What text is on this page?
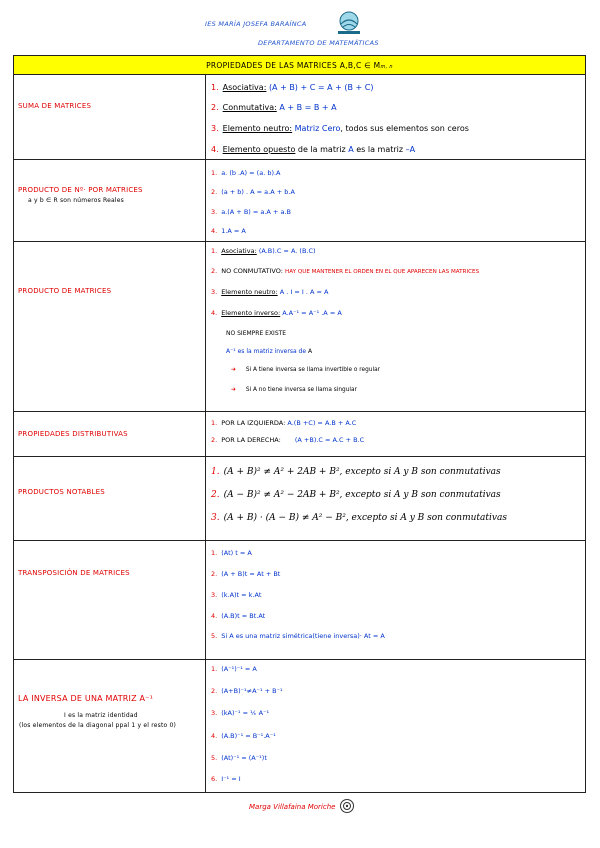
IES MARÍA JOSEFA BARAÍNCA
DEPARTAMENTO DE MATEMÁTICAS
PROPIEDADES DE LAS MATRICES A,B,C ∈ Mm, n
SUMA DE MATRICES
1. Asociativa: (A + B) + C = A + (B + C)
2. Conmutativa: A + B = B + A
3. Elemento neutro: Matriz Cero, todos sus elementos son ceros
4. Elemento opuesto de la matriz A es la matriz –A
PRODUCTO DE Nº· POR MATRICES
a y b ∈ R son números Reales
1. a. (b .A) = (a. b).A
2. (a + b) . A = a.A + b.A
3. a.(A + B) = a.A + a.B
4. 1.A = A
PRODUCTO DE MATRICES
1. Asociativa: (A.B).C = A. (B.C)
2. NO CONMUTATIVO: HAY QUE MANTENER EL ORDEN EN EL QUE APARECEN LAS MATRICES
3. Elemento neutro: A . I = I . A = A
4. Elemento inverso: A.A⁻¹ = A⁻¹ .A = A
NO SIEMPRE EXISTE
A⁻¹ es la matriz inversa de A
➔ Si A tiene inversa se llama invertible o regular
➔ Si A no tiene inversa se llama singular
PROPIEDADES DISTRIBUTIVAS
1. POR LA IZQUIERDA: A.(B +C) = A.B + A.C
2. POR LA DERECHA: (A +B).C = A.C + B.C
PRODUCTOS NOTABLES
1. (A + B)² ≠ A² + 2AB + B², excepto si A y B son conmutativas
2. (A − B)² ≠ A² − 2AB + B², excepto si A y B son conmutativas
3. (A + B) · (A − B) ≠ A² − B², excepto si A y B son conmutativas
TRANSPOSICIÓN DE MATRICES
1. (At) t = A
2. (A + B)t = At + Bt
3. (k.A)t = k.At
4. (A.B)t = Bt.At
5. Si A es una matriz simétrica(tiene inversa)· At = A
LA INVERSA DE UNA MATRIZ A⁻¹
I es la matriz identidad
(los elementos de la diagonal ppal 1 y el resto 0)
1. (A⁻¹)⁻¹ = A
2. (A+B)⁻¹≠A⁻¹ + B⁻¹
3. (kA)⁻¹ = ¹⁄ₖ A⁻¹
4. (A.B)⁻¹ = B⁻¹.A⁻¹
5. (At)⁻¹ = (A⁻¹)t
6. I⁻¹ = I
Marga Villafaina Moriche
